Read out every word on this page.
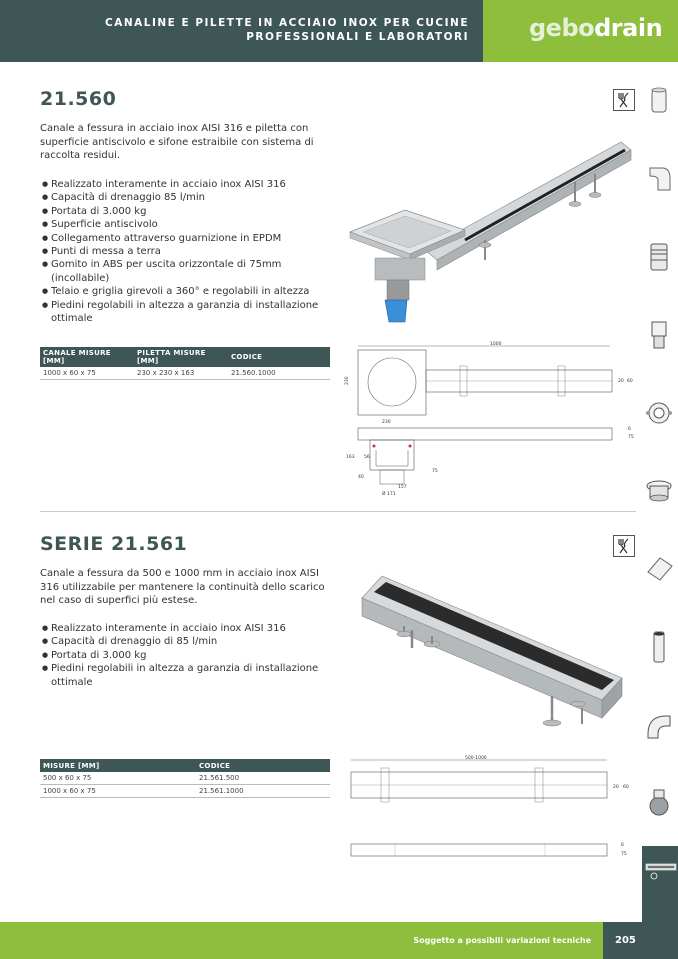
CANALINE E PILETTE IN ACCIAIO INOX PER CUCINE
PROFESSIONALI E LABORATORI	gebodrain
21.560
Canale a fessura in acciaio inox AISI 316 e piletta con superficie antiscivolo e sifone estraibile con sistema di raccolta residui.
● Realizzato interamente in acciaio inox AISI 316
● Capacità di drenaggio 85 l/min
● Portata di 3.000 kg
● Superficie antiscivolo
● Collegamento attraverso guarnizione in EPDM
● Punti di messa a terra
● Gomito in ABS per uscita orizzontale di 75mm (incollabile)
● Telaio e griglia girevoli a 360° e regolabili in altezza
● Piedini regolabili in altezza a garanzia di installazione ottimale
CANALE MISURE [MM]	PILETTA MISURE [MM]	CODICE
1000 x 60 x 75	230 x 230 x 163	21.560.1000
1000
230
230
20 60
6
75
163 56
40
75
157
Ø 171
SERIE 21.561
Canale a fessura da 500 e 1000 mm in acciaio inox AISI 316 utilizzabile per mantenere la continuità dello scarico nel caso di superfici più estese.
● Realizzato interamente in acciaio inox AISI 316
● Capacità di drenaggio di 85 l/min
● Portata di 3.000 kg
● Piedini regolabili in altezza a garanzia di installazione ottimale
MISURE [MM]	CODICE
500 x 60 x 75	21.561.500
1000 x 60 x 75	21.561.1000
500-1000
20 60
6
75
Soggetto a possibili variazioni tecniche 205
